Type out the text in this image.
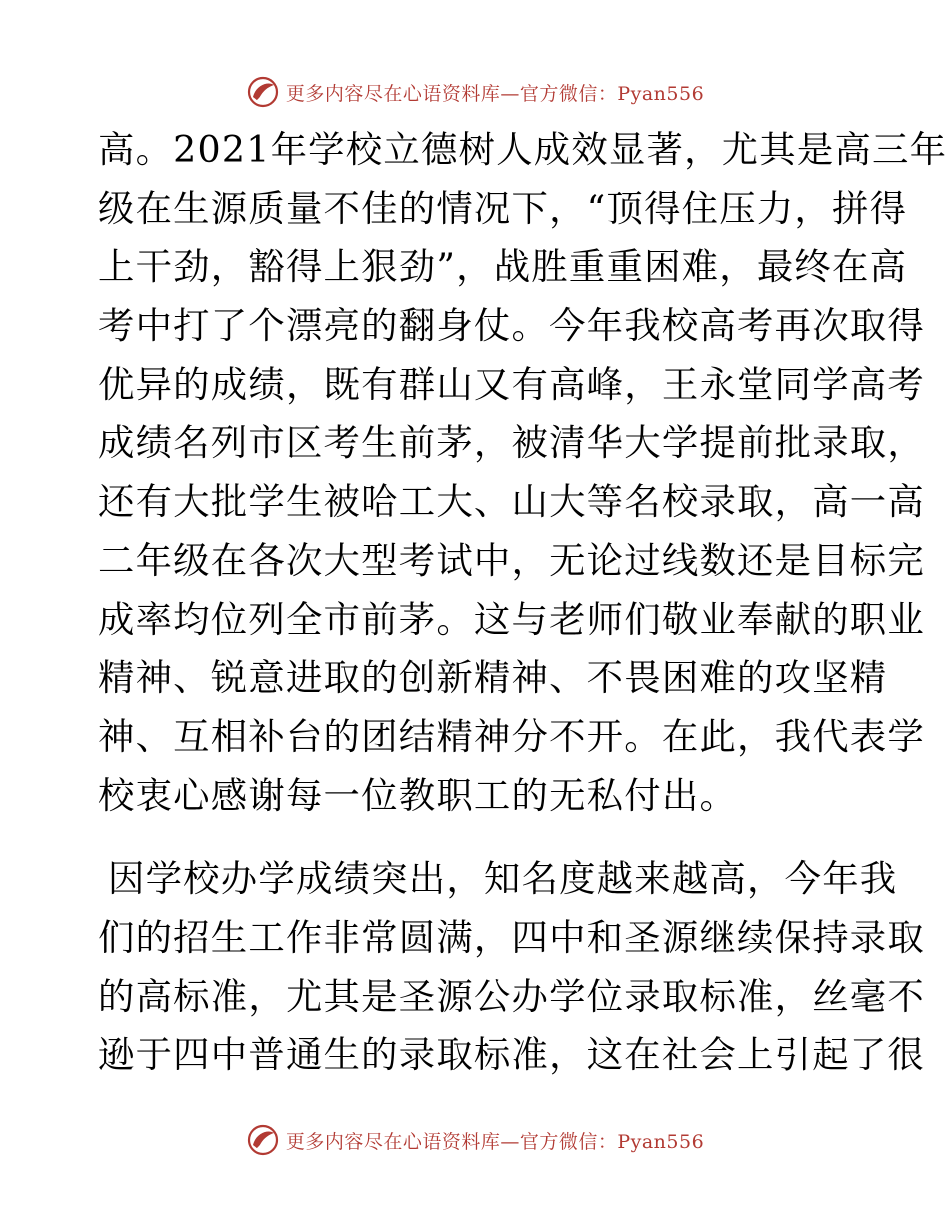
更多内容尽在心语资料库—官方微信：Pyan556
高。2021年学校立德树人成效显著，尤其是高三年
级在生源质量不佳的情况下，“顶得住压力，拼得
上干劲，豁得上狠劲”，战胜重重困难，最终在高
考中打了个漂亮的翻身仗。今年我校高考再次取得
优异的成绩，既有群山又有高峰，王永堂同学高考
成绩名列市区考生前茅，被清华大学提前批录取，
还有大批学生被哈工大、山大等名校录取，高一高
二年级在各次大型考试中，无论过线数还是目标完
成率均位列全市前茅。这与老师们敬业奉献的职业
精神、锐意进取的创新精神、不畏困难的攻坚精
神、互相补台的团结精神分不开。在此，我代表学
校衷心感谢每一位教职工的无私付出。
因学校办学成绩突出，知名度越来越高，今年我
们的招生工作非常圆满，四中和圣源继续保持录取
的高标准，尤其是圣源公办学位录取标准，丝毫不
逊于四中普通生的录取标准，这在社会上引起了很
更多内容尽在心语资料库—官方微信：Pyan556
